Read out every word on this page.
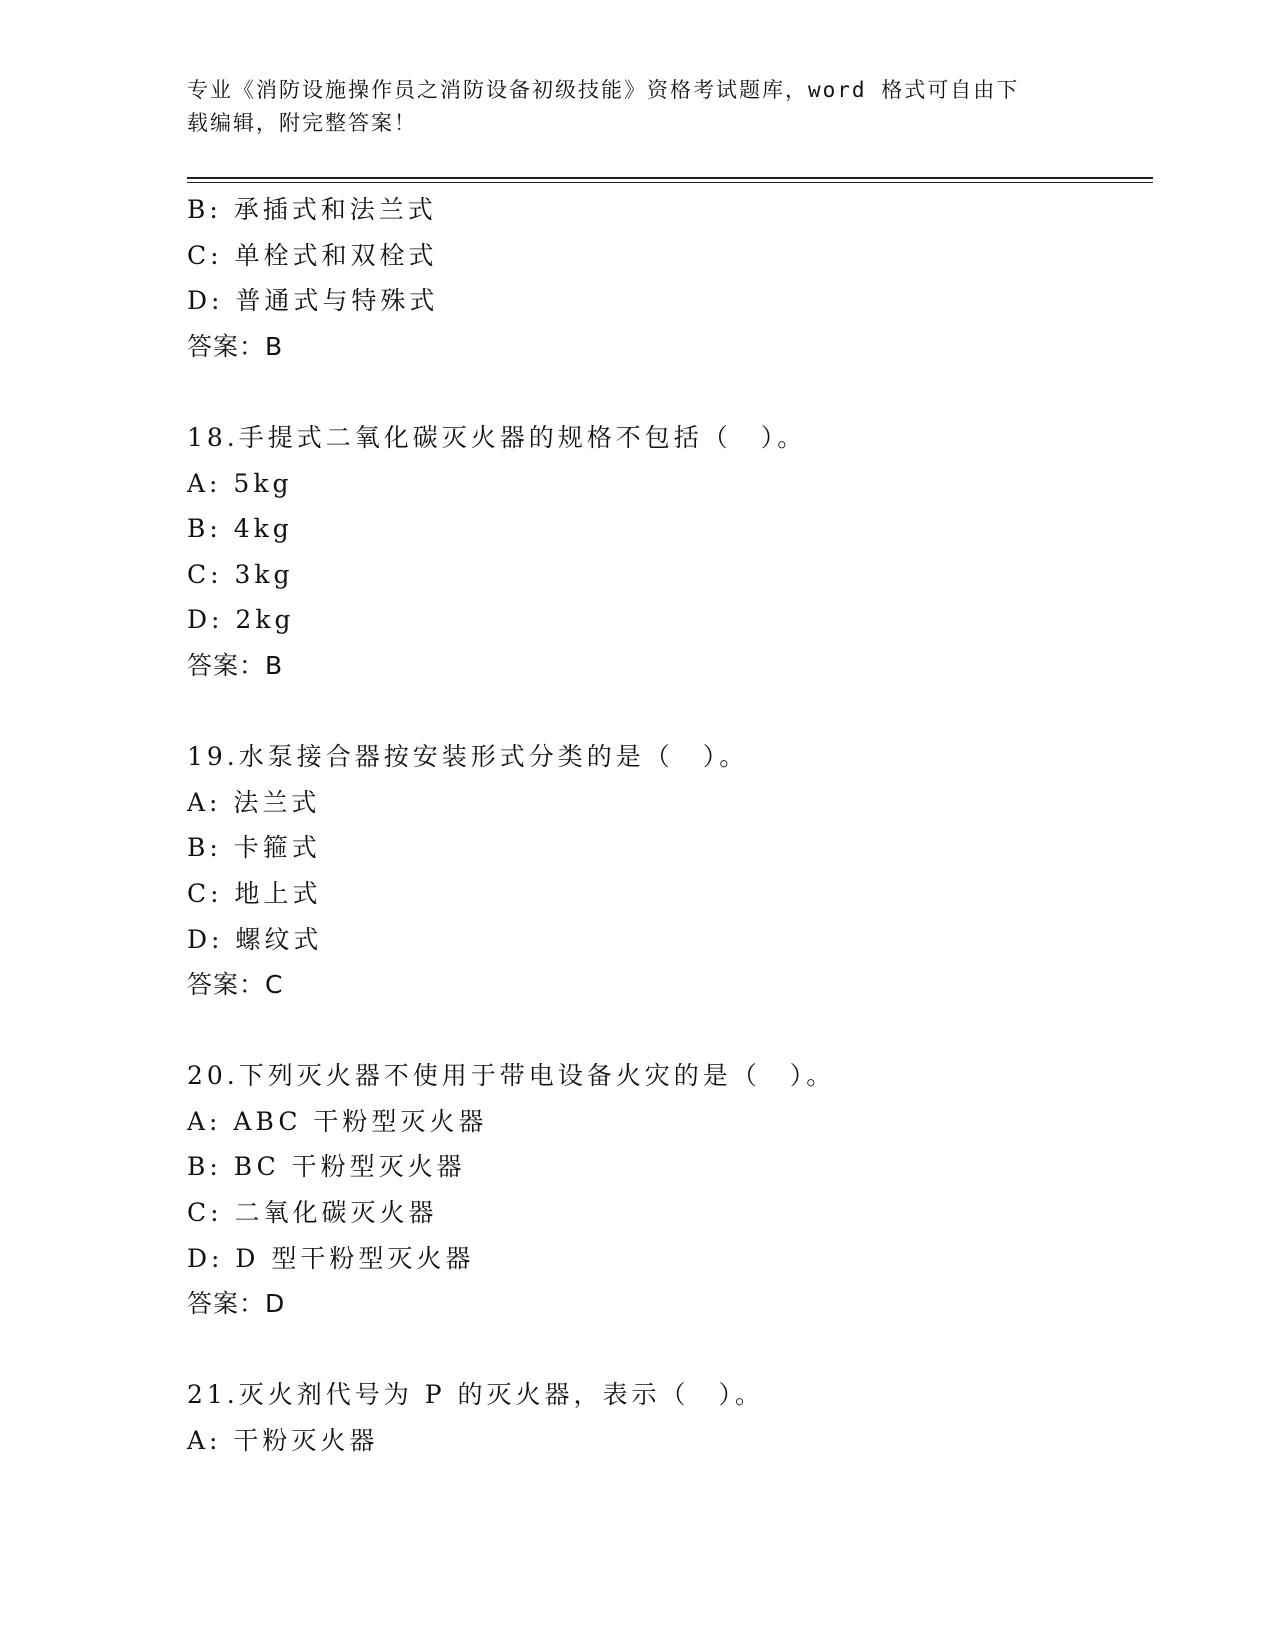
专业《消防设施操作员之消防设备初级技能》资格考试题库，word 格式可自由下
载编辑，附完整答案！
B: 承插式和法兰式
C: 单栓式和双栓式
D: 普通式与特殊式
答案：B
18.手提式二氧化碳灭火器的规格不包括（　）。
A: 5kg
B: 4kg
C: 3kg
D: 2kg
答案：B
19.水泵接合器按安装形式分类的是（　）。
A: 法兰式
B: 卡箍式
C: 地上式
D: 螺纹式
答案：C
20.下列灭火器不使用于带电设备火灾的是（　）。
A: ABC 干粉型灭火器
B: BC 干粉型灭火器
C: 二氧化碳灭火器
D: D 型干粉型灭火器
答案：D
21.灭火剂代号为 P 的灭火器，表示（　）。
A: 干粉灭火器
